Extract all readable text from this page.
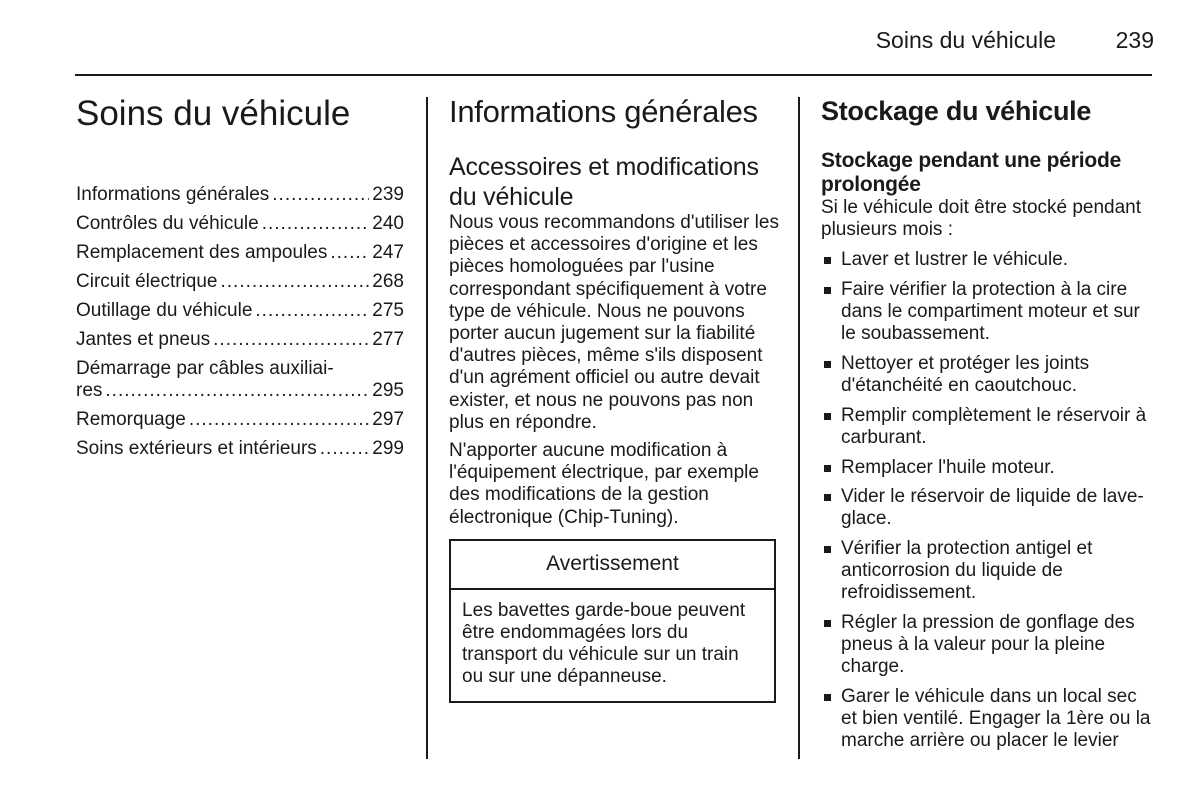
Soins du véhicule	239
Soins du véhicule
Informations générales .....	239
Contrôles du véhicule .....	240
Remplacement des ampoules ..... 247
Circuit électrique .....	268
Outillage du véhicule .....	275
Jantes et pneus .....	277
Démarrage par câbles auxiliai-
res .....	295
Remorquage .....	297
Soins extérieurs et intérieurs .....	299
Informations générales
Accessoires et modifications du véhicule

Nous vous recommandons d'utiliser les pièces et accessoires d'origine et les pièces homologuées par l'usine correspondant spécifiquement à votre type de véhicule. Nous ne pouvons porter aucun jugement sur la fiabilité d'autres pièces, même s'ils disposent d'un agrément officiel ou autre devait exister, et nous ne pouvons pas non plus en répondre.

N'apporter aucune modification à l'équipement électrique, par exemple des modifications de la gestion électronique (Chip-Tuning).

Avertissement
Les bavettes garde-boue peuvent être endommagées lors du transport du véhicule sur un train ou sur une dépanneuse.
Stockage du véhicule
Stockage pendant une période prolongée

Si le véhicule doit être stocké pendant plusieurs mois :

Laver et lustrer le véhicule.
Faire vérifier la protection à la cire dans le compartiment moteur et sur le soubassement.
Nettoyer et protéger les joints d'étanchéité en caoutchouc.
Remplir complètement le réservoir à carburant.
Remplacer l'huile moteur.
Vider le réservoir de liquide de lave-glace.
Vérifier la protection antigel et anticorrosion du liquide de refroidissement.
Régler la pression de gonflage des pneus à la valeur pour la pleine charge.
Garer le véhicule dans un local sec et bien ventilé. Engager la 1ère ou la marche arrière ou placer le levier
